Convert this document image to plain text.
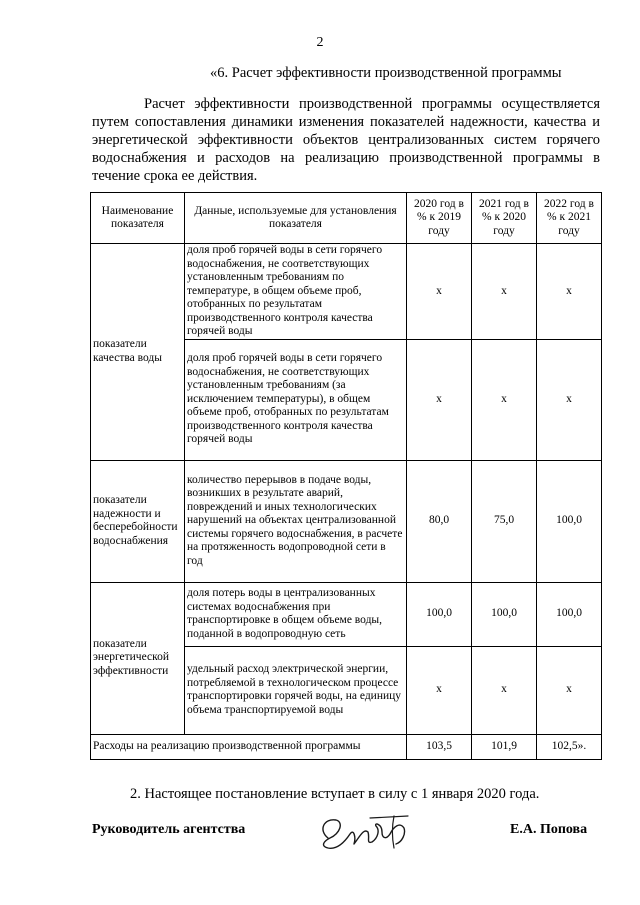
2
«6. Расчет эффективности производственной программы

Расчет эффективности производственной программы осуществляется путем сопоставления динамики изменения показателей надежности, качества и энергетической эффективности объектов централизованных систем горячего водоснабжения и расходов на реализацию производственной программы в течение срока ее действия.

Наименование показателя	Данные, используемые для установления показателя	2020 год в % к 2019 году	2021 год в % к 2020 году	2022 год в % к 2021 году
показатели качества воды	доля проб горячей воды в сети горячего водоснабжения, не соответствующих установленным требованиям по температуре, в общем объеме проб, отобранных по результатам производственного контроля качества горячей воды	х	х	х
	доля проб горячей воды в сети горячего водоснабжения, не соответствующих установленным требованиям (за исключением температуры), в общем объеме проб, отобранных по результатам производственного контроля качества горячей воды	х	х	х
показатели надежности и бесперебойности водоснабжения	количество перерывов в подаче воды, возникших в результате аварий, повреждений и иных технологических нарушений на объектах централизованной системы горячего водоснабжения, в расчете на протяженность водопроводной сети в год	80,0	75,0	100,0
показатели энергетической эффективности	доля потерь воды в централизованных системах водоснабжения при транспортировке в общем объеме воды, поданной в водопроводную сеть	100,0	100,0	100,0
	удельный расход электрической энергии, потребляемой в технологическом процессе транспортировки горячей воды, на единицу объема транспортируемой воды	х	х	х
Расходы на реализацию производственной программы		103,5	101,9	102,5».
2. Настоящее постановление вступает в силу с 1 января 2020 года.
Руководитель агентства	Е.А. Попова
